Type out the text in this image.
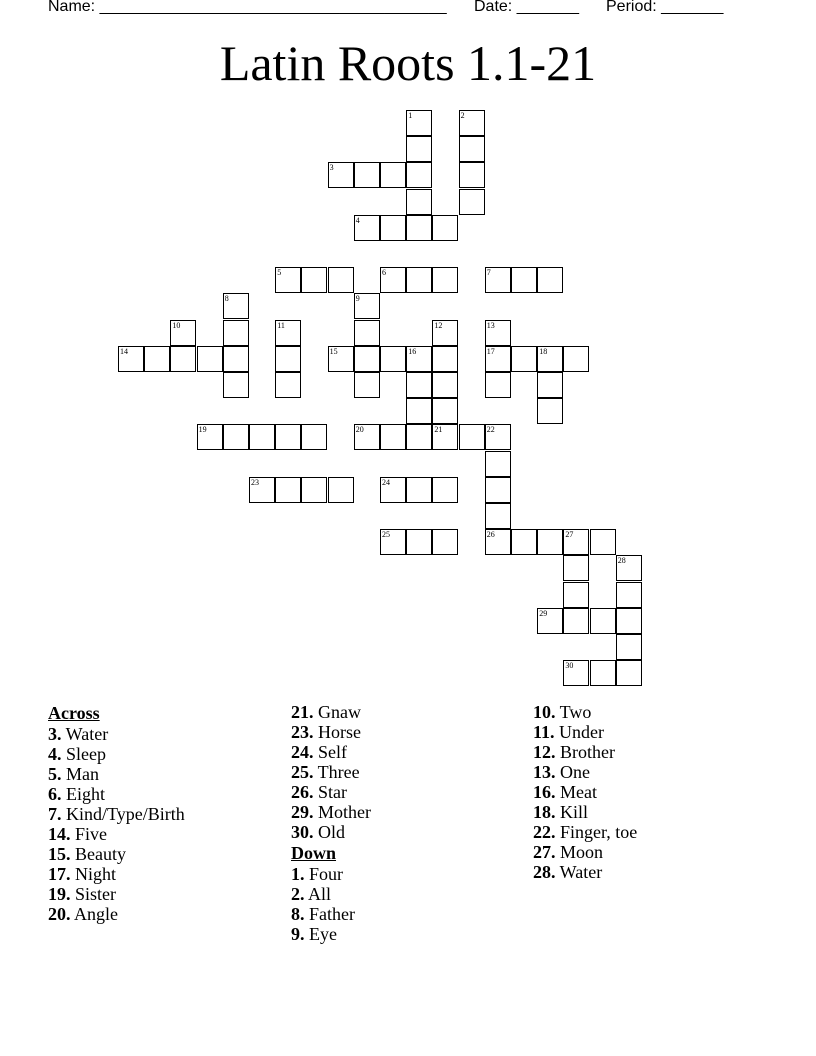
Name: _______________________________________ Date: _______ Period: _______
Latin Roots 1.1-21
1	2
3
4
5	6	7
8	9
10	11	12
21
13
17
14	15	16	18
19	20	22
26
23	24
25	27
28
29
30
Across
3. Water
4. Sleep
5. Man
6. Eight
7. Kind/Type/Birth
14. Five
15. Beauty
17. Night
19. Sister
20. Angle
21. Gnaw
23. Horse
24. Self
25. Three
26. Star
29. Mother
30. Old
Down
1. Four
2. All
8. Father
9. Eye
10. Two
11. Under
12. Brother
13. One
16. Meat
18. Kill
22. Finger, toe
27. Moon
28. Water
